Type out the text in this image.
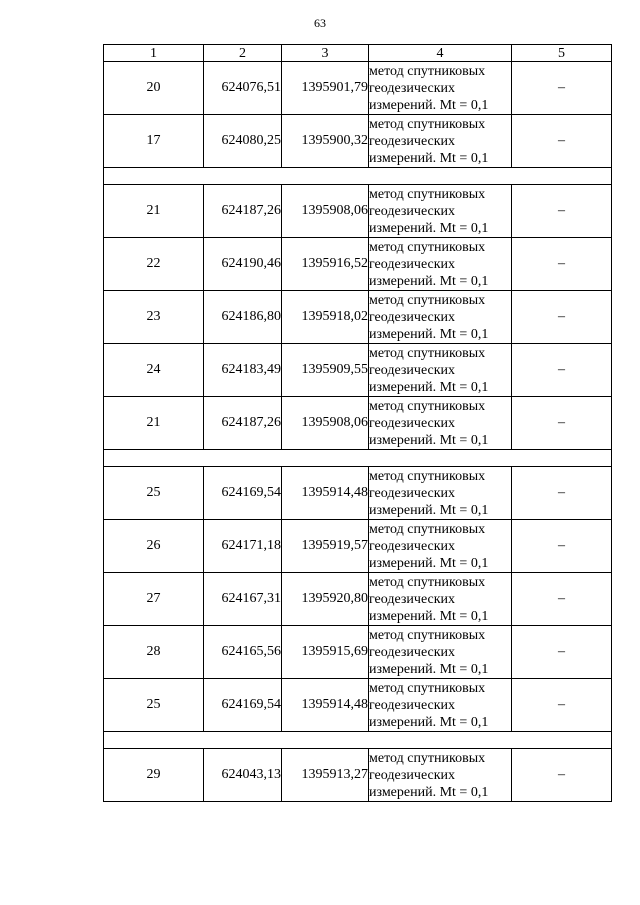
63
1	2	3	4	5
20	624076,51	1395901,79	метод спутниковых
геодезических
измерений. Mt = 0,1	–
17	624080,25	1395900,32	метод спутниковых
геодезических
измерений. Mt = 0,1	–

21	624187,26	1395908,06	метод спутниковых
геодезических
измерений. Mt = 0,1	–
22	624190,46	1395916,52	метод спутниковых
геодезических
измерений. Mt = 0,1	–
23	624186,80	1395918,02	метод спутниковых
геодезических
измерений. Mt = 0,1	–
24	624183,49	1395909,55	метод спутниковых
геодезических
измерений. Mt = 0,1	–
21	624187,26	1395908,06	метод спутниковых
геодезических
измерений. Mt = 0,1	–

25	624169,54	1395914,48	метод спутниковых
геодезических
измерений. Mt = 0,1	–
26	624171,18	1395919,57	метод спутниковых
геодезических
измерений. Mt = 0,1	–
27	624167,31	1395920,80	метод спутниковых
геодезических
измерений. Mt = 0,1	–
28	624165,56	1395915,69	метод спутниковых
геодезических
измерений. Mt = 0,1	–
25	624169,54	1395914,48	метод спутниковых
геодезических
измерений. Mt = 0,1	–

29	624043,13	1395913,27	метод спутниковых
геодезических
измерений. Mt = 0,1	–
